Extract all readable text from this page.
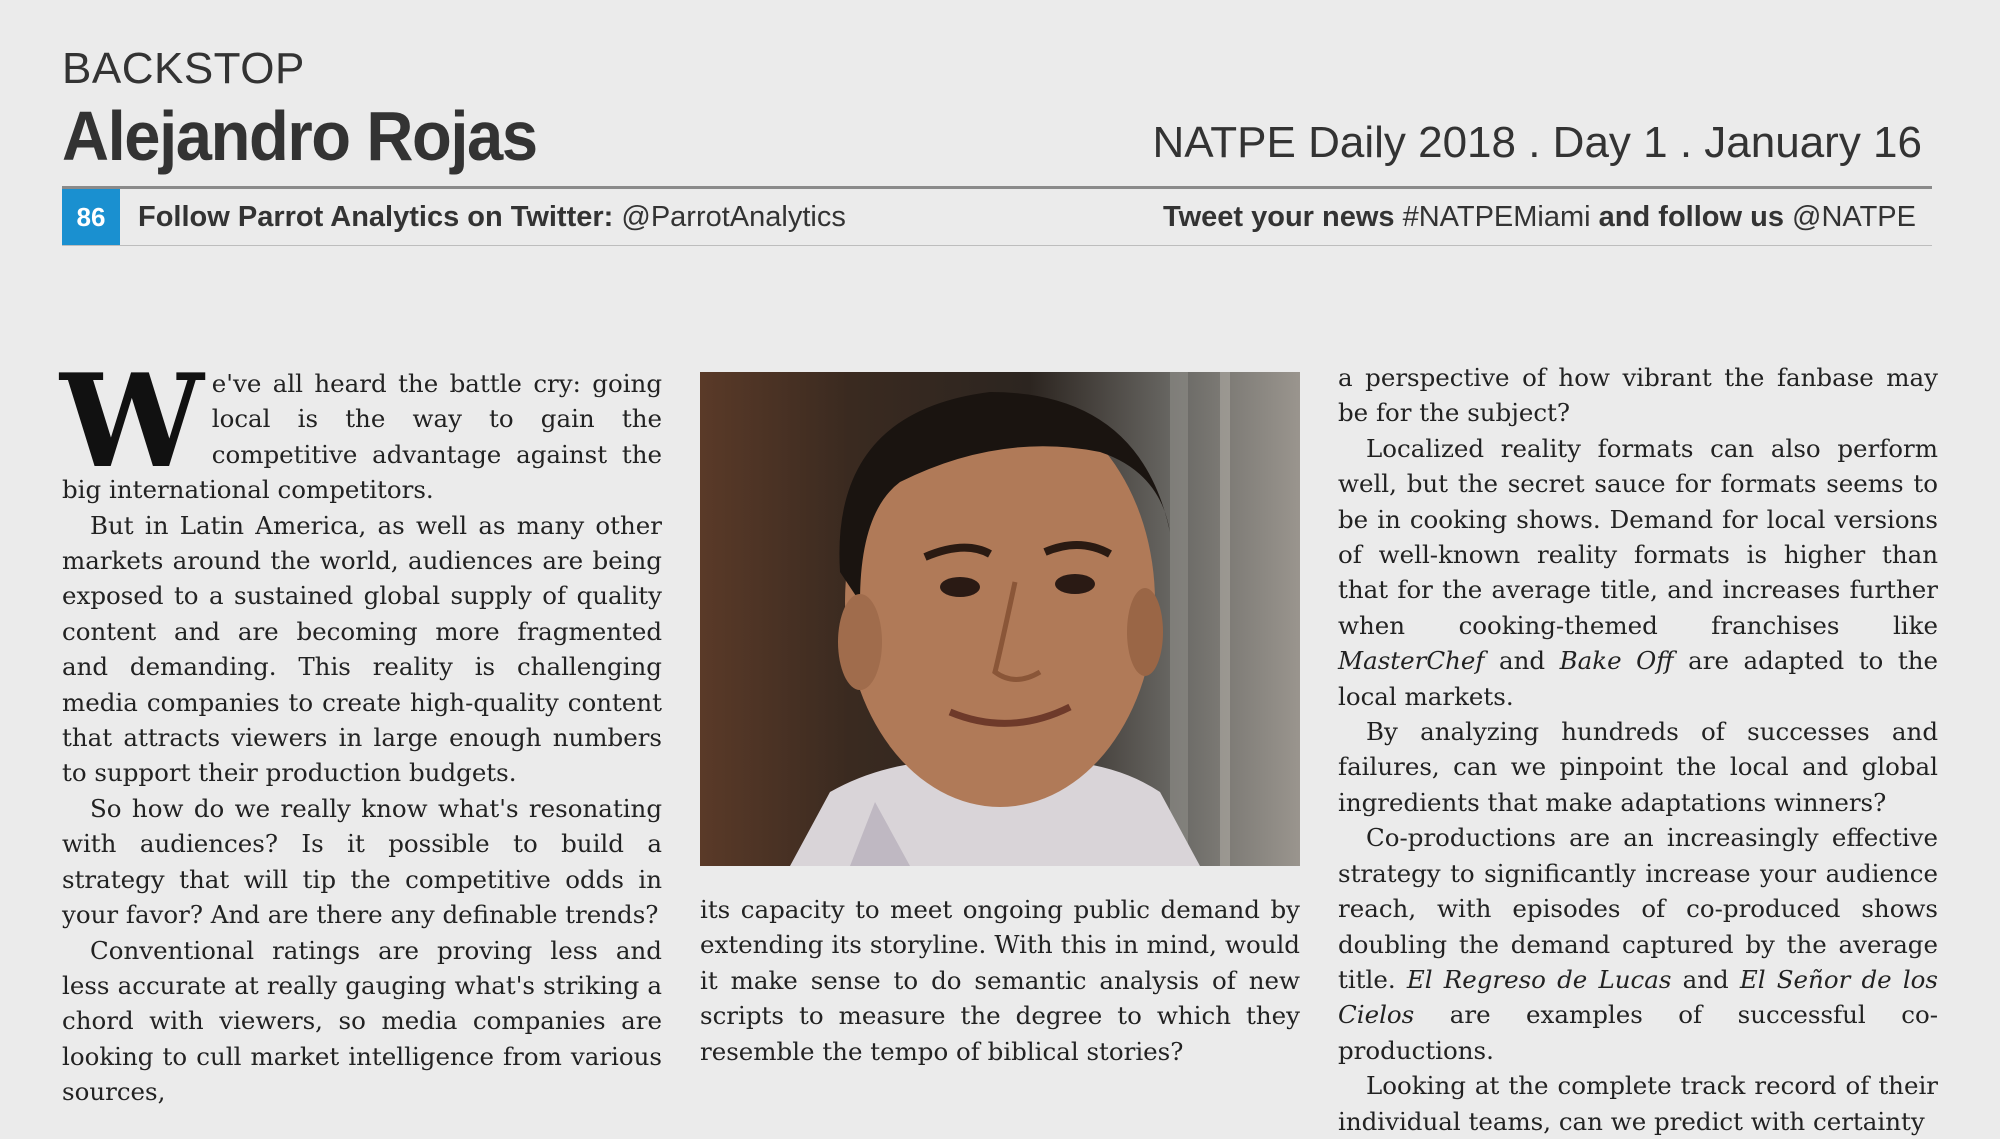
BACKSTOP
Alejandro Rojas	NATPE Daily 2018 . Day 1 . January 16
86	Follow Parrot Analytics on Twitter: @ParrotAnalytics	Tweet your news #NATPEMiami and follow us @NATPE

We've all heard the battle cry: going local is the way to gain the competitive advantage against the big international competitors.

But in Latin America, as well as many other markets around the world, audiences are being exposed to a sustained global supply of quality content and are becoming more fragmented and demanding. This reality is challenging media companies to create high-quality content that attracts viewers in large enough numbers to support their production budgets.

So how do we really know what's resonating with audiences? Is it possible to build a strategy that will tip the competitive odds in your favor? And are there any definable trends?

Conventional ratings are proving less and less accurate at really gauging what's striking a chord with viewers, so media companies are looking to cull market intelligence from various sources,

its capacity to meet ongoing public demand by extending its storyline. With this in mind, would it make sense to do semantic analysis of new scripts to measure the degree to which they resemble the tempo of biblical stories?

a perspective of how vibrant the fanbase may be for the subject?

Localized reality formats can also perform well, but the secret sauce for formats seems to be in cooking shows. Demand for local versions of well-known reality formats is higher than that for the average title, and increases further when cooking-themed franchises like MasterChef and Bake Off are adapted to the local markets.

By analyzing hundreds of successes and failures, can we pinpoint the local and global ingredients that make adaptations winners?

Co-productions are an increasingly effective strategy to significantly increase your audience reach, with episodes of co-produced shows doubling the demand captured by the average title. El Regreso de Lucas and El Señor de los Cielos are examples of successful co-productions.

Looking at the complete track record of their individual teams, can we predict with certainty
